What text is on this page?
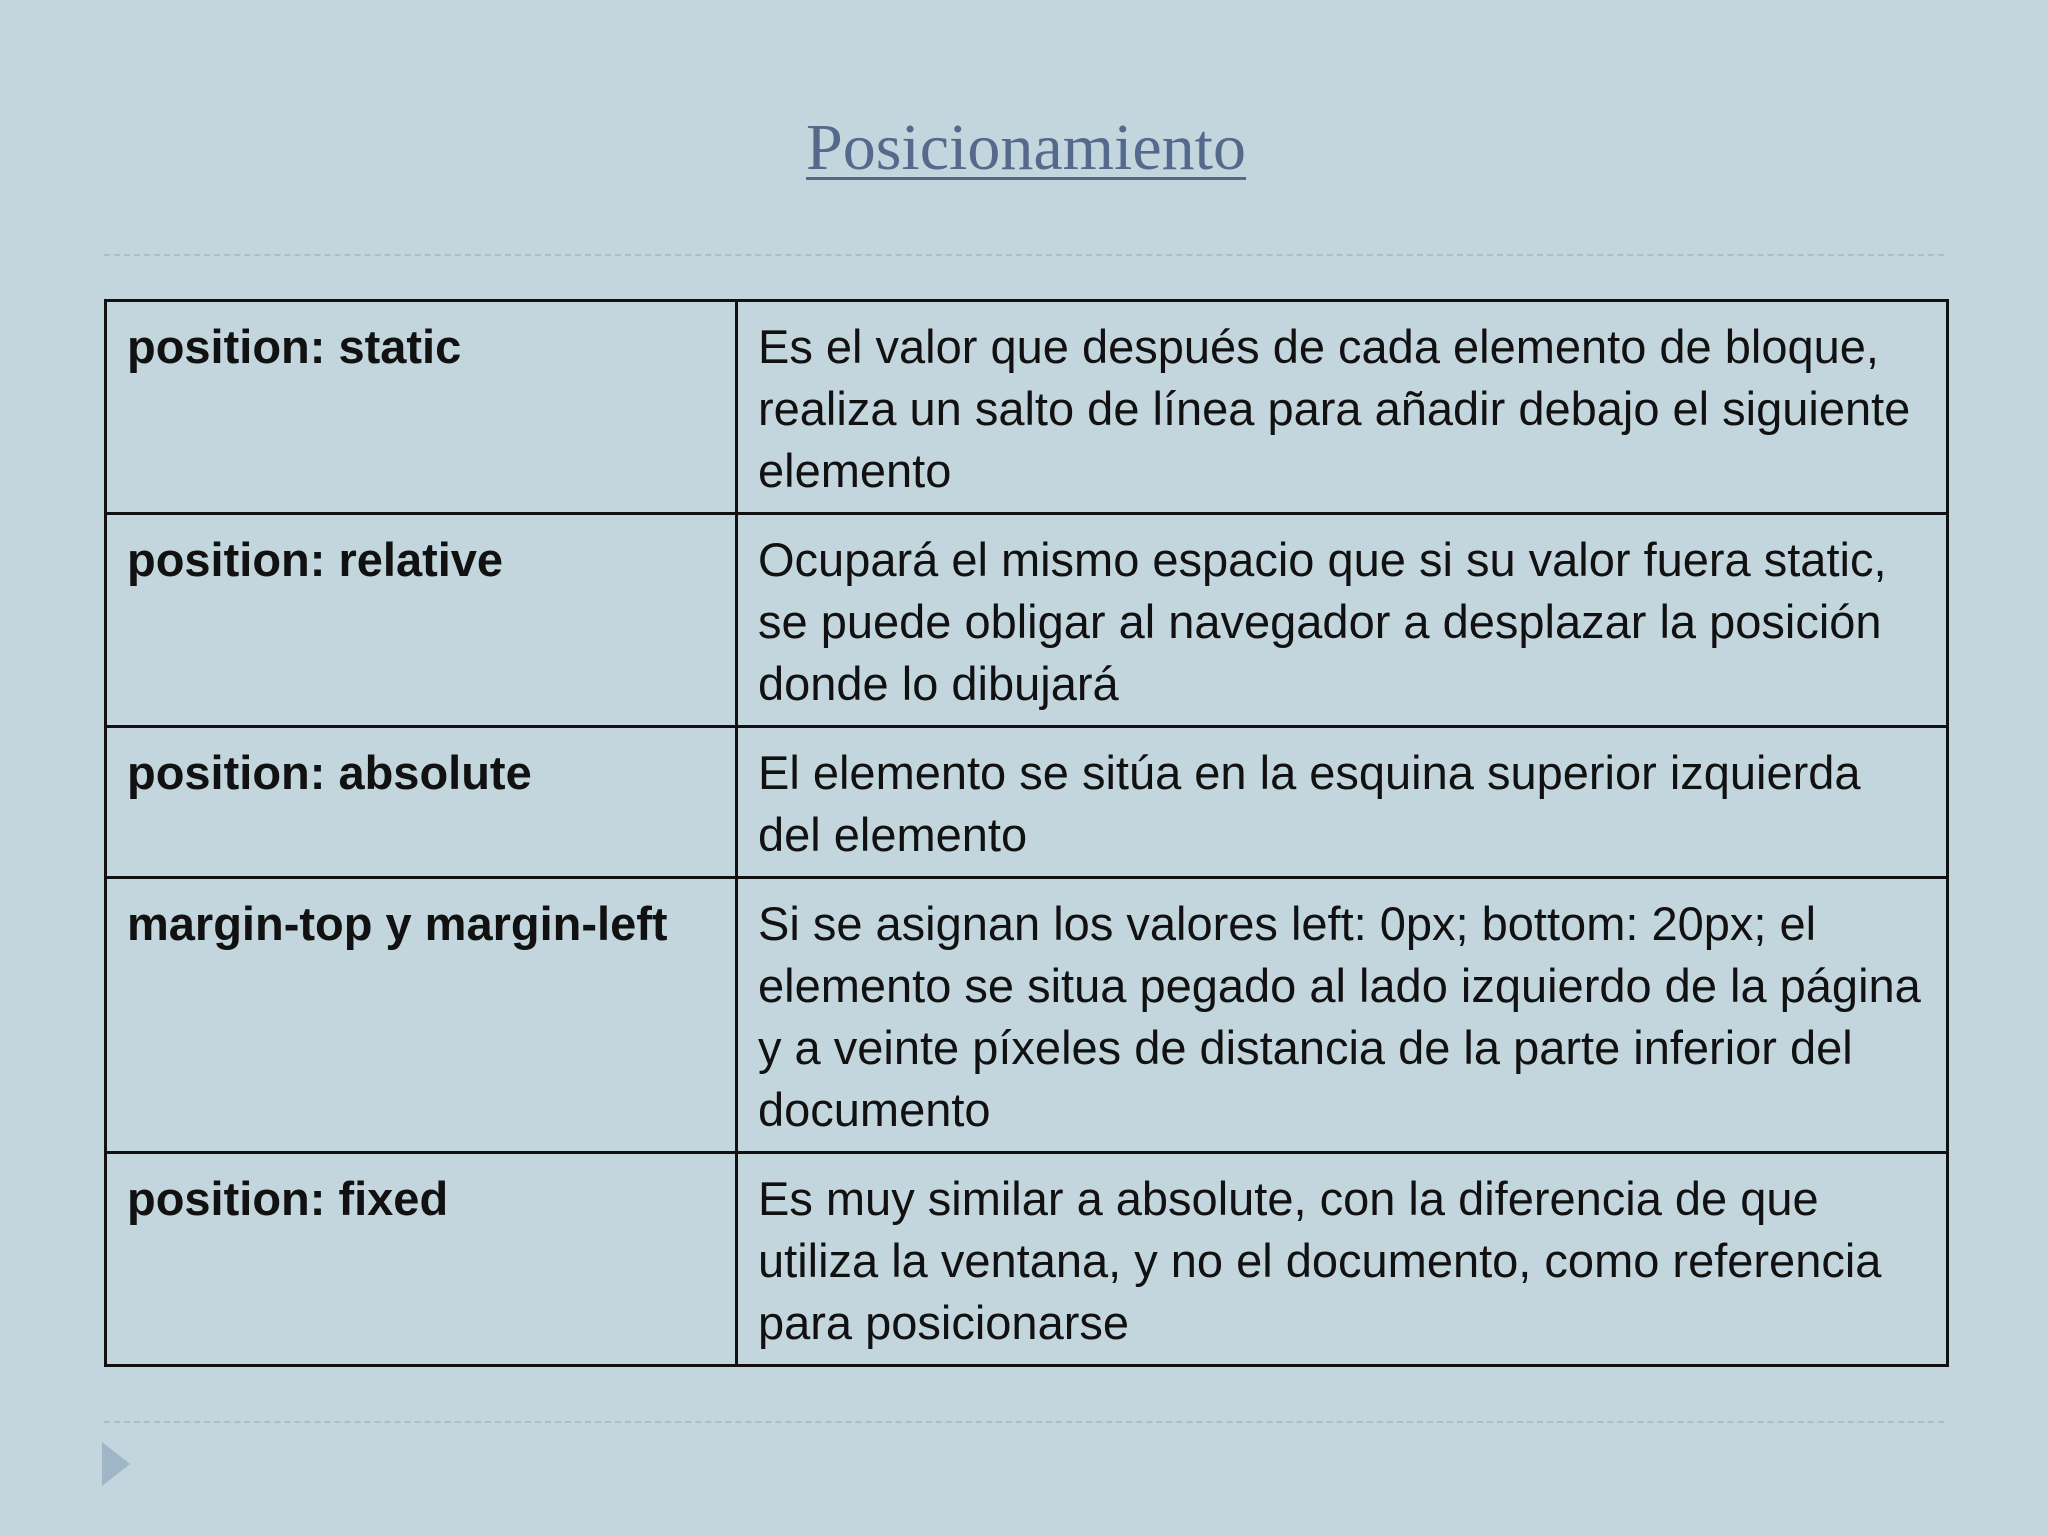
Posicionamiento
position: static	Es el valor que después de cada elemento de bloque, realiza un salto de línea para añadir debajo el siguiente elemento
position: relative	Ocupará el mismo espacio que si su valor fuera static, se puede obligar al navegador a desplazar la posición donde lo dibujará
position: absolute	El elemento se sitúa en la esquina superior izquierda del elemento
margin-top y margin-left	Si se asignan los valores left: 0px; bottom: 20px; el elemento se situa pegado al lado izquierdo de la página y a veinte píxeles de distancia de la parte inferior del documento
position: fixed	Es muy similar a absolute, con la diferencia de que utiliza la ventana, y no el documento, como referencia para posicionarse
